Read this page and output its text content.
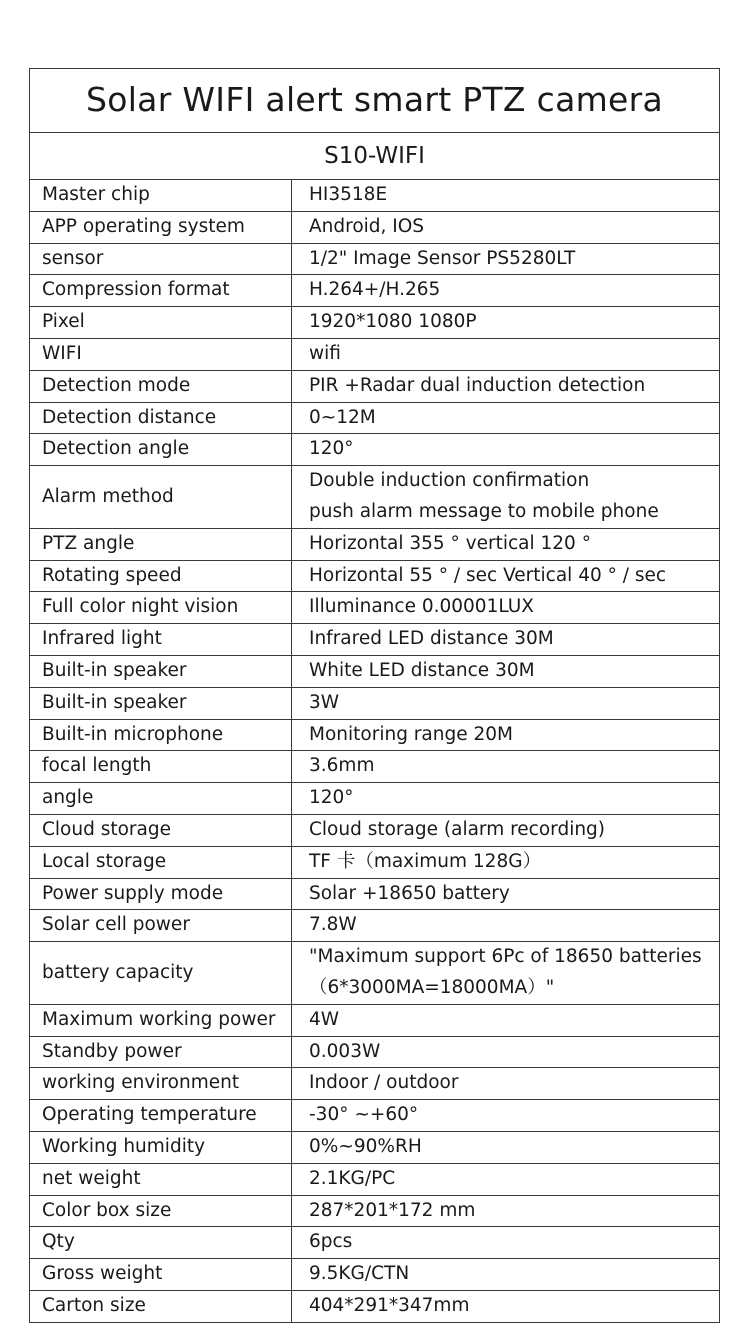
Solar WIFI alert smart PTZ camera	
S10-WIFI	
Master chip	HI3518E

APP operating system	Android, IOS

sensor	1/2" Image Sensor PS5280LT

Compression format	H.264+/H.265

Pixel	1920*1080 1080P

WIFI	wifi

Detection mode	PIR +Radar dual induction detection

Detection distance	0~12M

Detection angle	120°

Alarm method	Double induction confirmation
push alarm message to mobile phone

PTZ angle	Horizontal 355 ° vertical 120 °

Rotating speed	Horizontal 55 ° / sec Vertical 40 ° / sec

Full color night vision	Illuminance 0.00001LUX

Infrared light	Infrared LED distance 30M

Built-in speaker	White LED distance 30M

Built-in speaker	3W

Built-in microphone	Monitoring range 20M

focal length	3.6mm

angle	120°

Cloud storage	Cloud storage (alarm recording)

Local storage	TF 卡（maximum 128G）

Power supply mode	Solar +18650 battery

Solar cell power	7.8W

battery capacity	"Maximum support 6Pc of 18650 batteries
（6*3000MA=18000MA）"

Maximum working power	4W

Standby power	0.003W

working environment	Indoor / outdoor

Operating temperature	-30° ~+60°

Working humidity	0%~90%RH

net weight	2.1KG/PC

Color box size	287*201*172 mm

Qty	6pcs

Gross weight	9.5KG/CTN

Carton size	404*291*347mm
